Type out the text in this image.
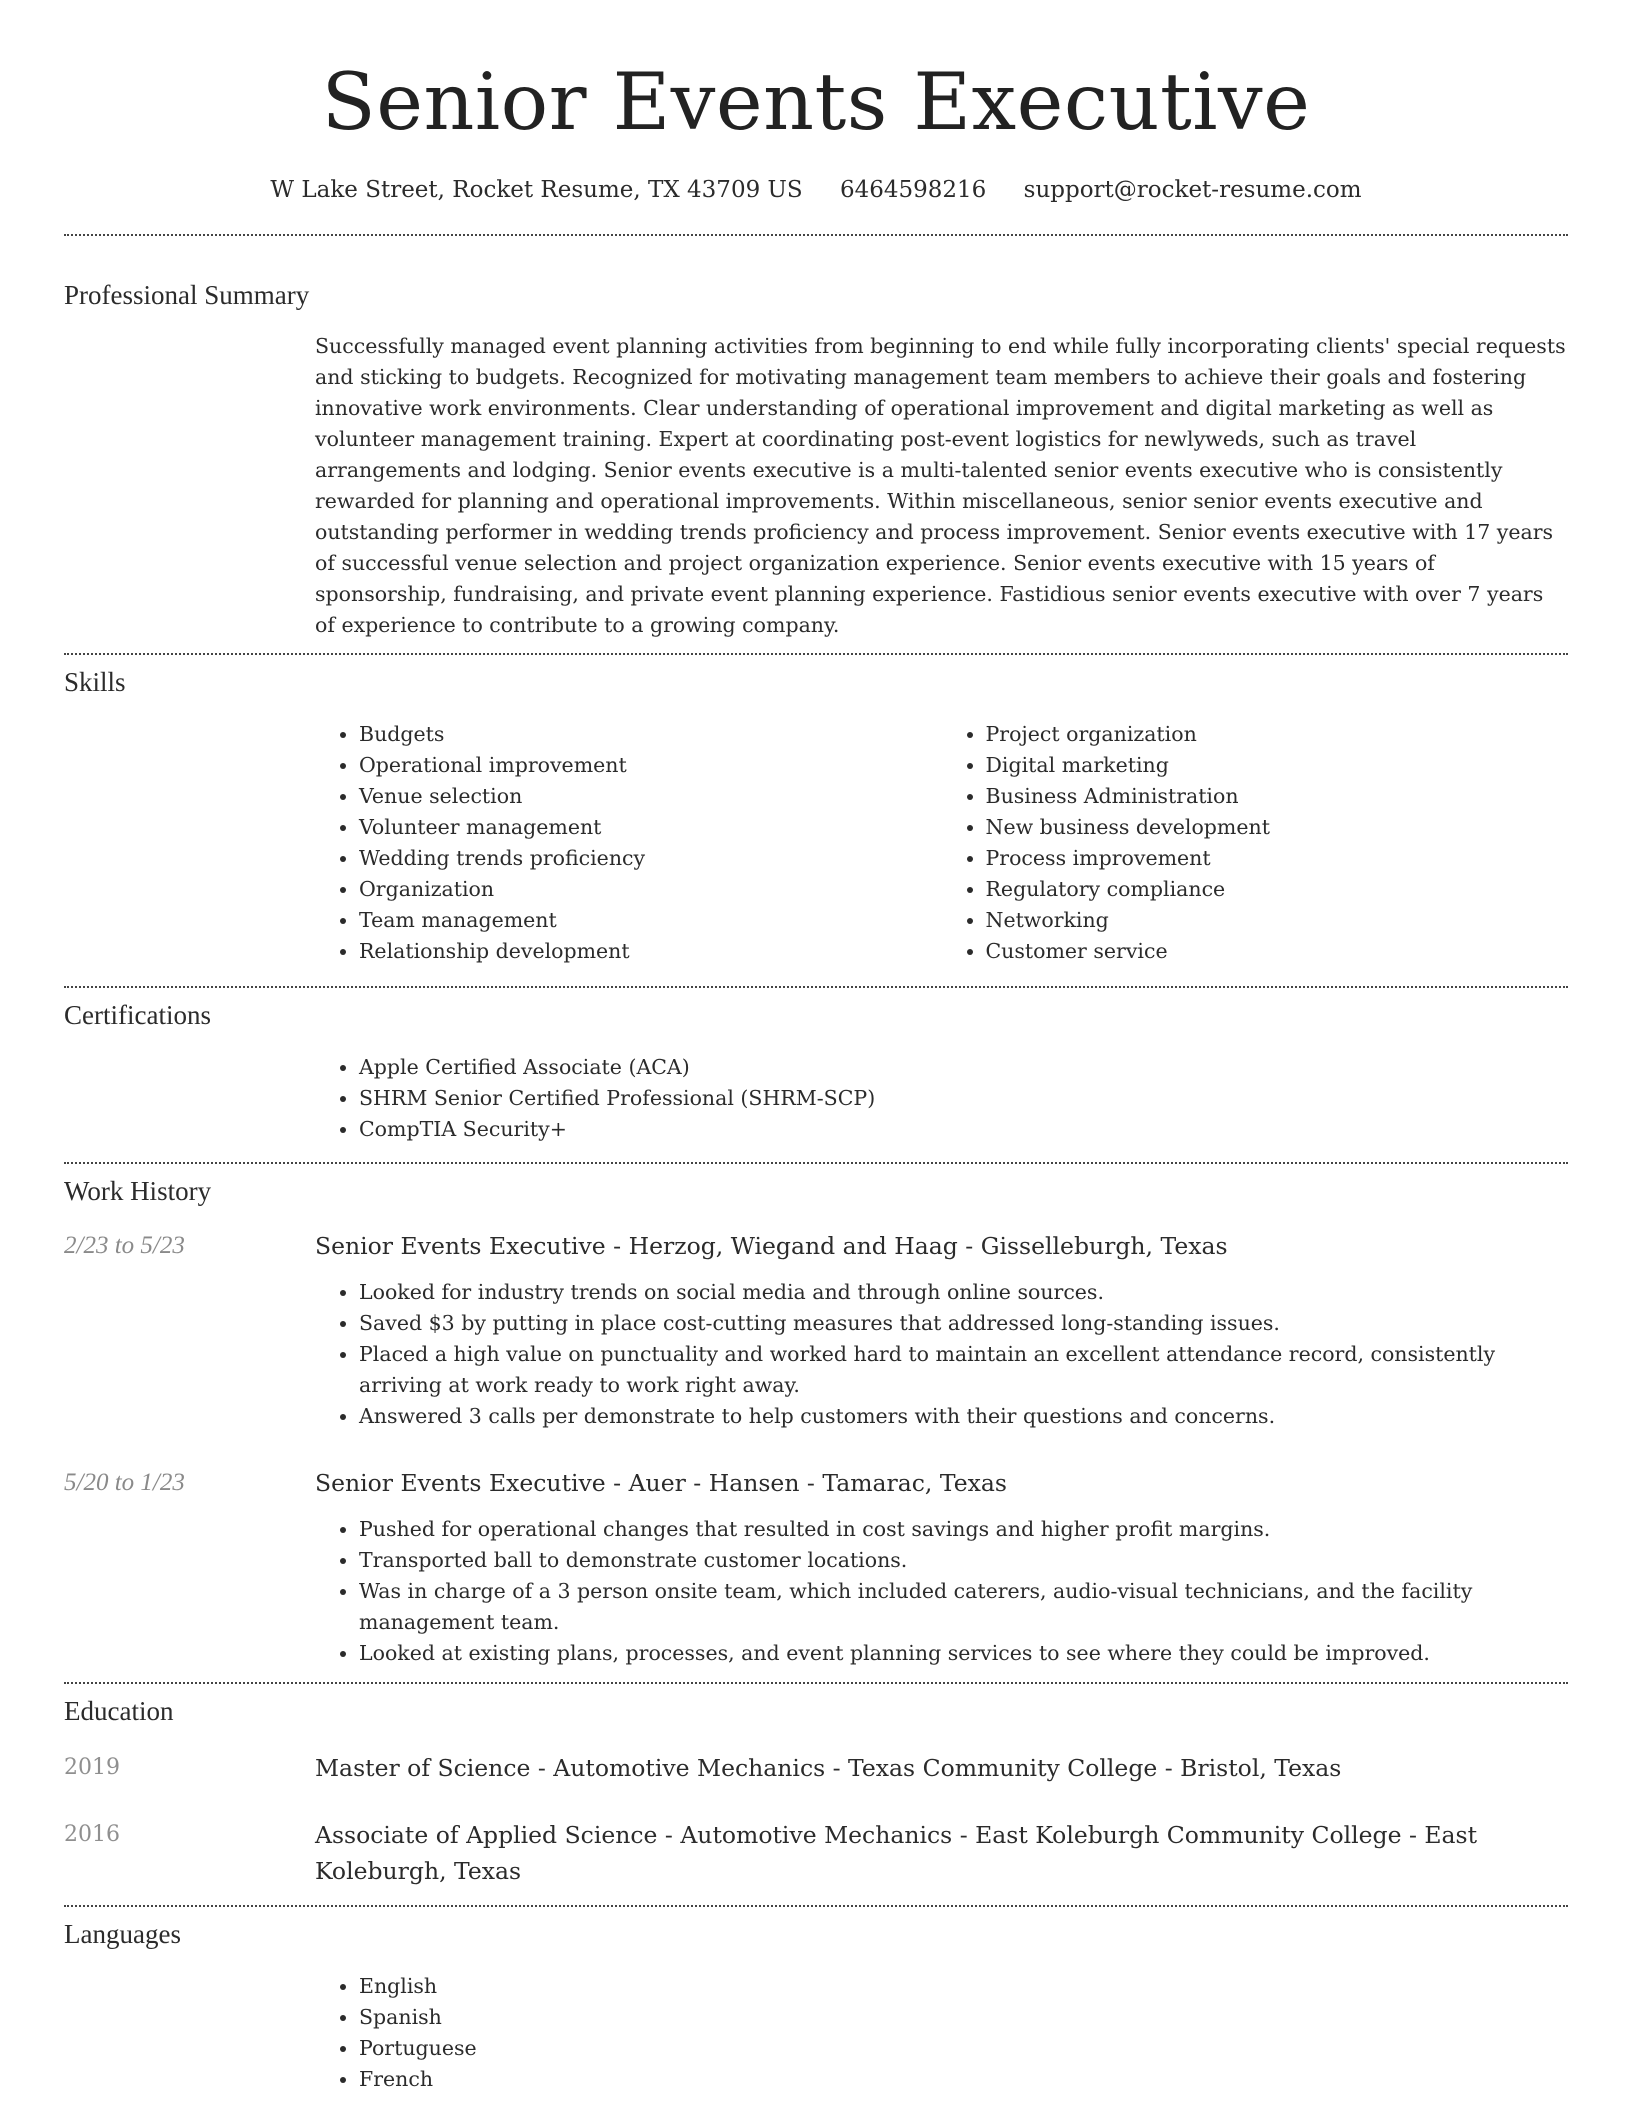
Senior Events Executive
W Lake Street, Rocket Resume, TX 43709 US 6464598216 support@rocket-resume.com
Professional Summary
Successfully managed event planning activities from beginning to end while fully incorporating clients' special requests and sticking to budgets. Recognized for motivating management team members to achieve their goals and fostering innovative work environments. Clear understanding of operational improvement and digital marketing as well as volunteer management training. Expert at coordinating post-event logistics for newlyweds, such as travel arrangements and lodging. Senior events executive is a multi-talented senior events executive who is consistently rewarded for planning and operational improvements. Within miscellaneous, senior senior events executive and outstanding performer in wedding trends proficiency and process improvement. Senior events executive with 17 years of successful venue selection and project organization experience. Senior events executive with 15 years of sponsorship, fundraising, and private event planning experience. Fastidious senior events executive with over 7 years of experience to contribute to a growing company.
Skills
• Budgets
• Operational improvement
• Venue selection
• Volunteer management
• Wedding trends proficiency
• Organization
• Team management
• Relationship development
• Project organization
• Digital marketing
• Business Administration
• New business development
• Process improvement
• Regulatory compliance
• Networking
• Customer service
Certifications
• Apple Certified Associate (ACA)
• SHRM Senior Certified Professional (SHRM-SCP)
• CompTIA Security+
Work History
2/23 to 5/23	Senior Events Executive - Herzog, Wiegand and Haag - Gisselleburgh, Texas
• Looked for industry trends on social media and through online sources.
• Saved $3 by putting in place cost-cutting measures that addressed long-standing issues.
• Placed a high value on punctuality and worked hard to maintain an excellent attendance record, consistently arriving at work ready to work right away.
• Answered 3 calls per demonstrate to help customers with their questions and concerns.
5/20 to 1/23	Senior Events Executive - Auer - Hansen - Tamarac, Texas
• Pushed for operational changes that resulted in cost savings and higher profit margins.
• Transported ball to demonstrate customer locations.
• Was in charge of a 3 person onsite team, which included caterers, audio-visual technicians, and the facility management team.
• Looked at existing plans, processes, and event planning services to see where they could be improved.
Education
2019	Master of Science - Automotive Mechanics - Texas Community College - Bristol, Texas
2016	Associate of Applied Science - Automotive Mechanics - East Koleburgh Community College - East Koleburgh, Texas
Languages
• English
• Spanish
• Portuguese
• French
